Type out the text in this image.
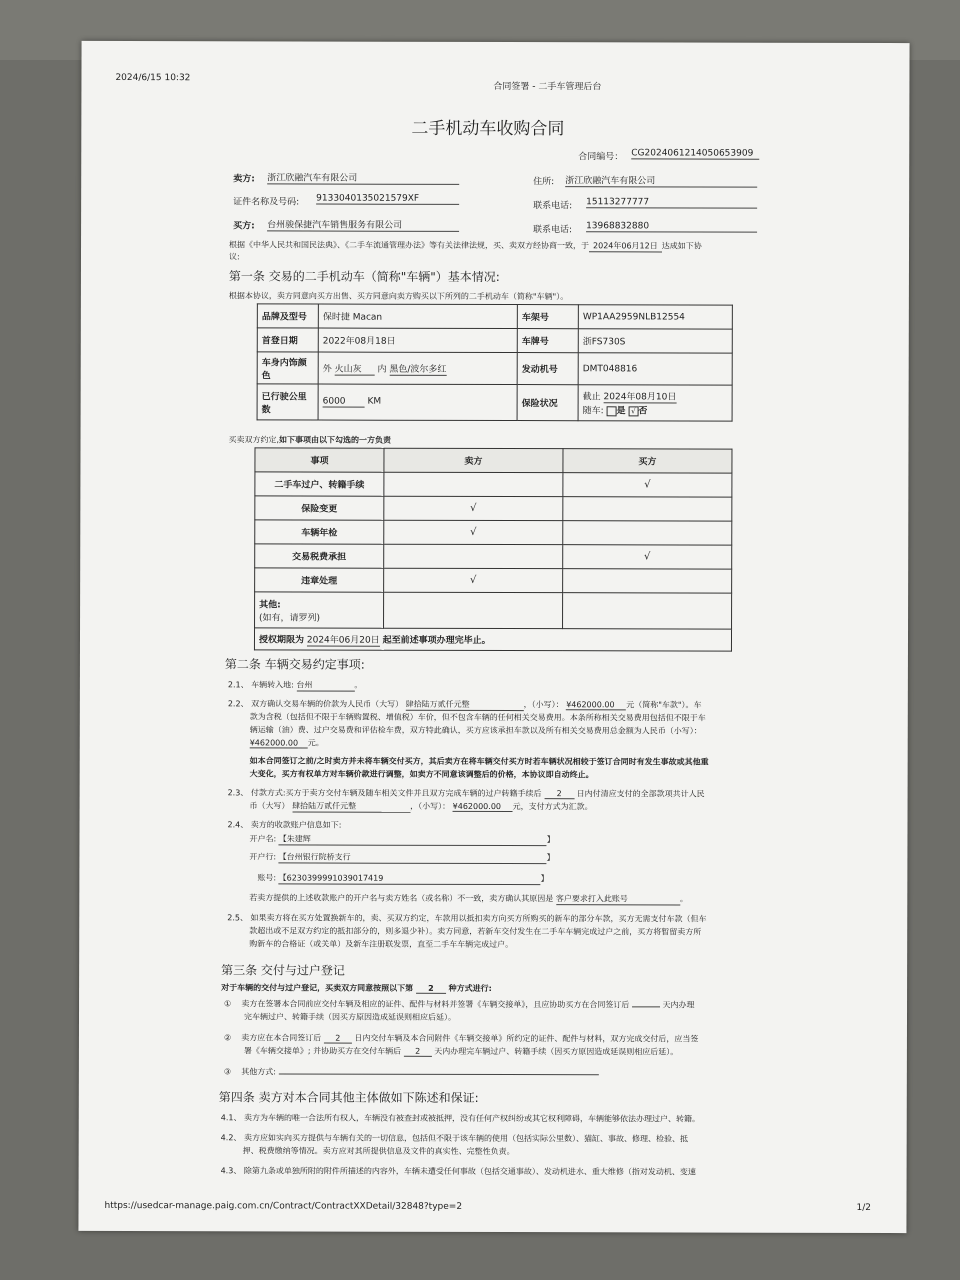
2024/6/15 10:32
合同签署 - 二手车管理后台
二手机动车收购合同
合同编号： CG2024061214050653909
卖方: 浙江欣融汽车有限公司	住所: 浙江欣融汽车有限公司
证件名称及号码: 9133040135021579XF
联系电话: 15113277777
买方: 台州骏保捷汽车销售服务有限公司	联系电话: 13968832880
根据《中华人民共和国民法典》、《二手车流通管理办法》等有关法律法规，买、卖双方经协商一致，于 2024年06月12日 达成如下协
议:
第一条 交易的二手机动车（简称"车辆"）基本情况:
根据本协议，卖方同意向买方出售、买方同意向卖方购买以下所列的二手机动车（简称"车辆"）。
品牌及型号	保时捷 Macan	车架号	WP1AA2959NLB12554
首登日期	2022年08月18日	车牌号	浙FS730S
车身内饰颜色	外 火山灰 内 黑色/波尔多红	发动机号	DMT048816
已行驶公里数	6000 KM	保险状况	截止 2024年08月10日
随车: 是 √ 否
买卖双方约定,如下事项由以下勾选的一方负责
事项	卖方	买方
二手车过户、转籍手续		√
保险变更	√	
车辆年检	√	
交易税费承担		√
违章处理	√	
其他:
(如有，请罗列)		
授权期限为 2024年06月20日 起至前述事项办理完毕止。		
第二条 车辆交易约定事项:
2.1、 车辆转入地: 台州	。
2.2、 双方确认交易车辆的价款为人民币（大写） 肆拾陆万贰仟元整	，（小写）： ¥462000.00 元（简称"车款"）。车
款为含税（包括但不限于车辆购置税、增值税）车价，但不包含车辆的任何相关交易费用。本条所称相关交易费用包括但不限于车
辆运输（油）费、过户交易费和评估检车费，双方特此确认，买方应该承担车款以及所有相关交易费用总金额为人民币（小写）：
¥462000.00 元。
如本合同签订之前/之时卖方并未将车辆交付买方，其后卖方在将车辆交付买方时若车辆状况相较于签订合同时有发生事故或其他重
大变化，买方有权单方对车辆价款进行调整，如卖方不同意该调整后的价格，本协议即自动终止。
2.3、 付款方式:买方于卖方交付车辆及随车相关文件并且双方完成车辆的过户转籍手续后 2 日内付清应支付的全部款项共计人民
币（大写） 肆拾陆万贰仟元整	，（小写）： ¥462000.00 元，支付方式为汇款。
2.4、 卖方的收款账户信息如下:
开户名: 【朱建辉	】
开户行: 【台州银行院桥支行	】
账号: 【6230399991039017419	】
若卖方提供的上述收款账户的开户名与卖方姓名（或名称）不一致，卖方确认其原因是 客户要求打入此账号	。
2.5、 如果卖方将在买方处置换新车的，卖、买双方约定，车款用以抵扣卖方向买方所购买的新车的部分车款，买方无需支付车款（但车
款超出或不足双方约定的抵扣部分的，则多退少补）。卖方同意，若新车交付发生在二手车车辆完成过户之前，买方将暂留卖方所
购新车的合格证（或关单）及新车注册联发票，直至二手车车辆完成过户。
第三条 交付与过户登记
对于车辆的交付与过户登记，买卖双方同意按照以下第 2 种方式进行:
① 卖方在签署本合同前应交付车辆及相应的证件、配件与材料并签署《车辆交接单》，且应协助买方在合同签订后	天内办理
完车辆过户、转籍手续（因买方原因造成延误则相应后延）。
② 卖方应在本合同签订后 2 日内交付车辆及本合同附件《车辆交接单》所约定的证件、配件与材料，双方完成交付后，应当签
署《车辆交接单》; 并协助买方在交付车辆后 2 天内办理完车辆过户、转籍手续（因买方原因造成延误则相应后延）。
③ 其他方式:
第四条 卖方对本合同其他主体做如下陈述和保证:
4.1、 卖方为车辆的唯一合法所有权人，车辆没有被查封或被抵押，没有任何产权纠纷或其它权利障碍，车辆能够依法办理过户、转籍。
4.2、 卖方应如实向买方提供与车辆有关的一切信息，包括但不限于该车辆的使用（包括实际公里数）、猫缸、事故、修理、检验、抵
押、税费缴纳等情况。卖方应对其所提供信息及文件的真实性、完整性负责。
4.3、 除第九条或单独所附的附件所描述的内容外，车辆未遭受任何事故（包括交通事故）、发动机进水、重大维修（指对发动机、变速
https://usedcar-manage.paig.com.cn/Contract/ContractXXDetail/32848?type=2	1/2
